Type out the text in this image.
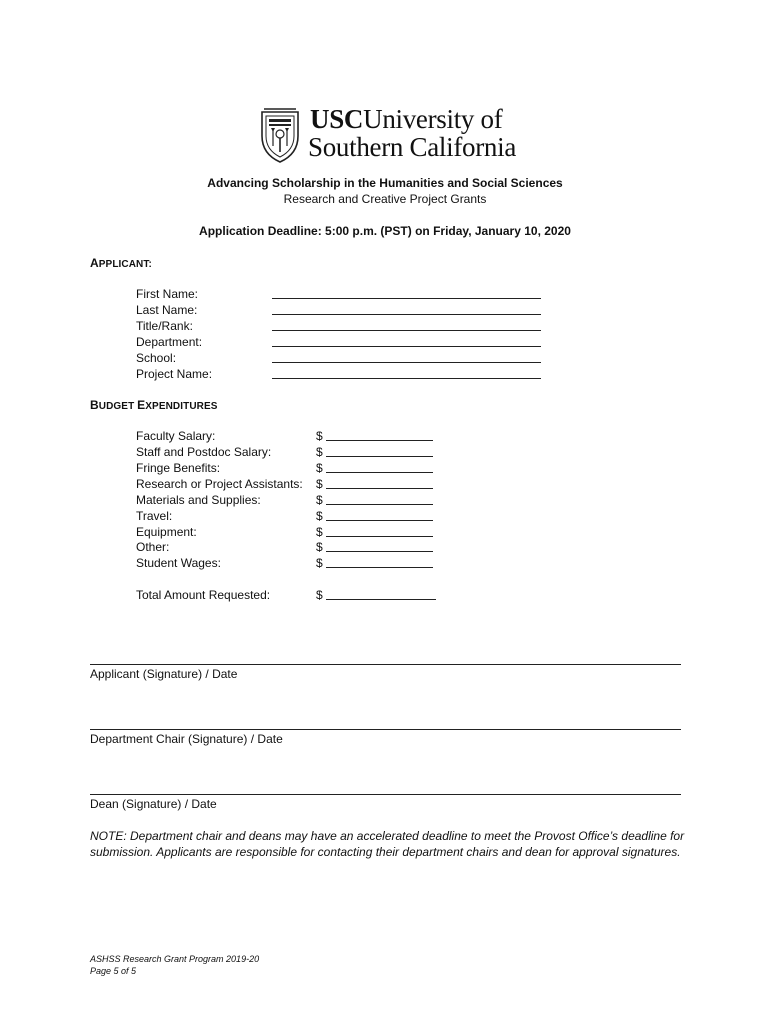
USCUniversity of
Southern California
Advancing Scholarship in the Humanities and Social Sciences
Research and Creative Project Grants
Application Deadline: 5:00 p.m. (PST) on Friday, January 10, 2020
APPLICANT:
First Name:
Last Name:
Title/Rank:
Department:
School:
Project Name:
BUDGET EXPENDITURES
Faculty Salary:	$
Staff and Postdoc Salary:	$
Fringe Benefits:	$
Research or Project Assistants: $
Materials and Supplies:	$
Travel:	$
Equipment:	$
Other:	$
Student Wages:	$
Total Amount Requested:	$
Applicant (Signature) / Date
Department Chair (Signature) / Date
Dean (Signature) / Date
NOTE: Department chair and deans may have an accelerated deadline to meet the Provost Office’s deadline for submission. Applicants are responsible for contacting their department chairs and dean for approval signatures.
ASHSS Research Grant Program 2019-20
Page 5 of 5
